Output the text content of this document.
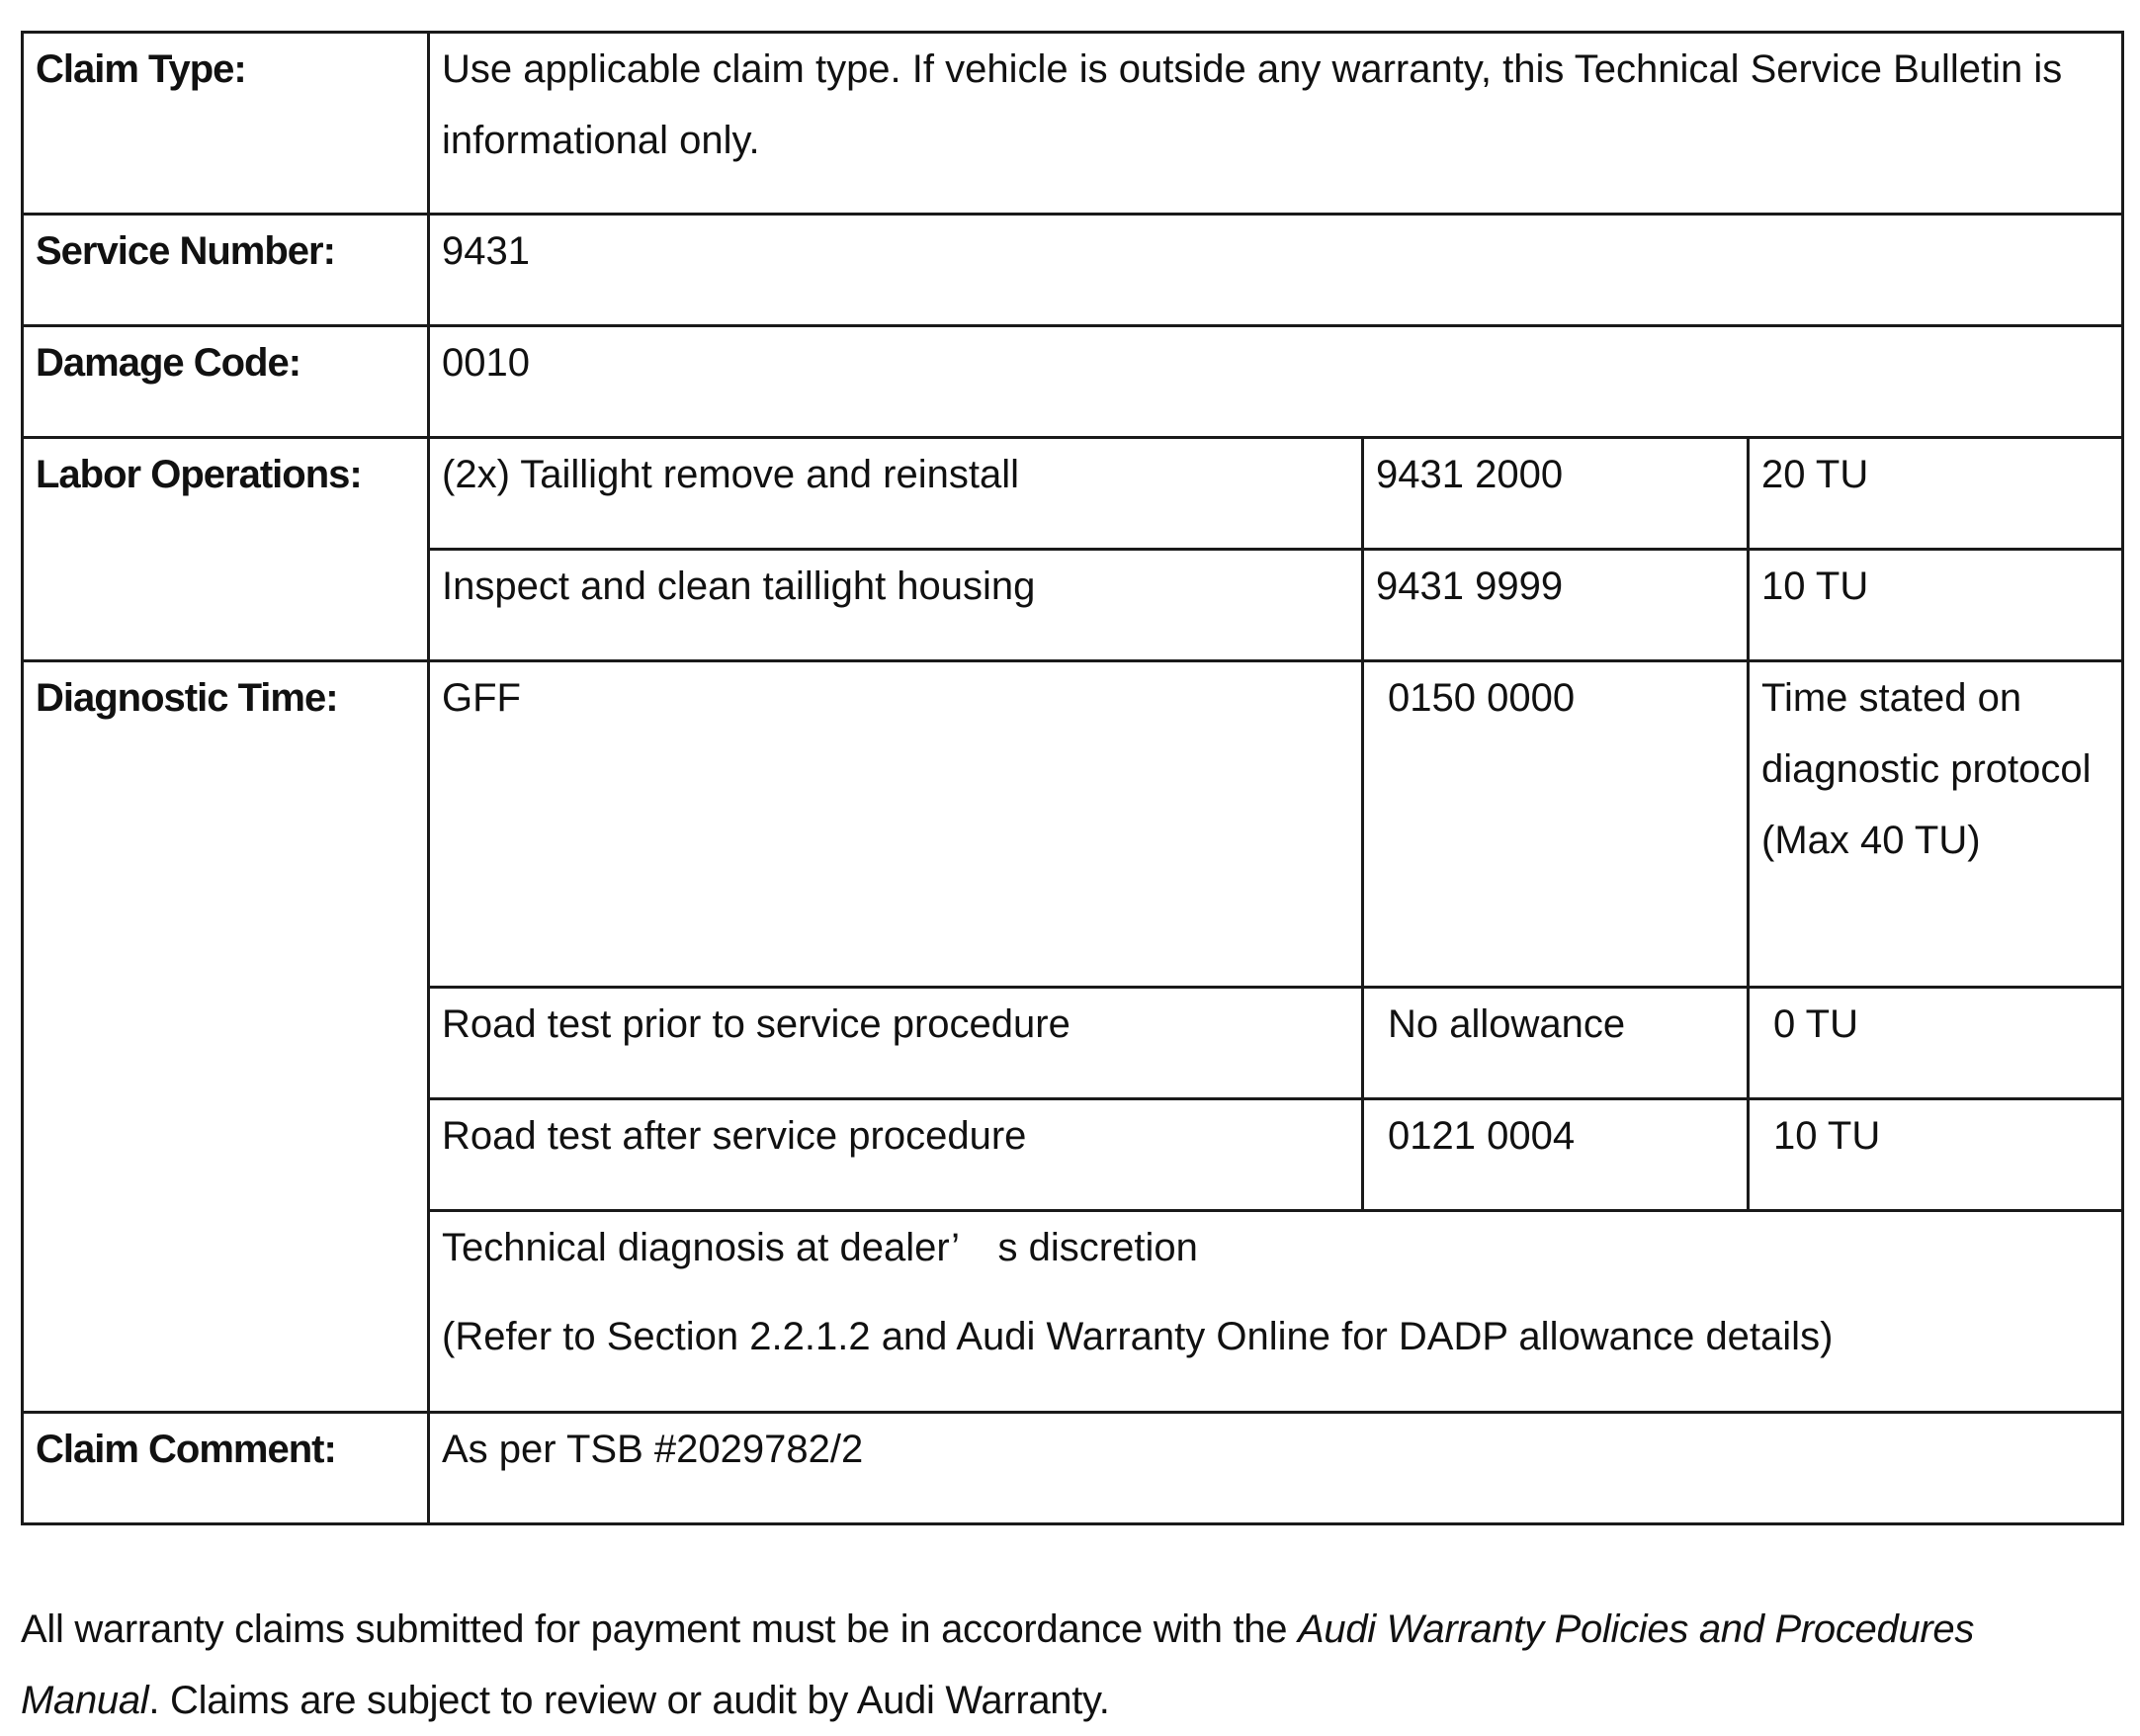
Claim Type:	Use applicable claim type. If vehicle is outside any warranty, this Technical Service Bulletin is informational only.		
Service Number:	9431		
Damage Code:	0010		
Labor Operations:	(2x) Taillight remove and reinstall	9431 2000	20 TU
	Inspect and clean taillight housing	9431 9999	10 TU
Diagnostic Time:	GFF	0150 0000	Time stated on diagnostic protocol (Max 40 TU)
	Road test prior to service procedure	No allowance	0 TU
	Road test after service procedure	0121 0004	10 TU
	Technical diagnosis at dealer’　s discretion
(Refer to Section 2.2.1.2 and Audi Warranty Online for DADP allowance details)		

Claim Comment:	As per TSB #2029782/2		

All warranty claims submitted for payment must be in accordance with the Audi Warranty Policies and Procedures Manual. Claims are subject to review or audit by Audi Warranty.
